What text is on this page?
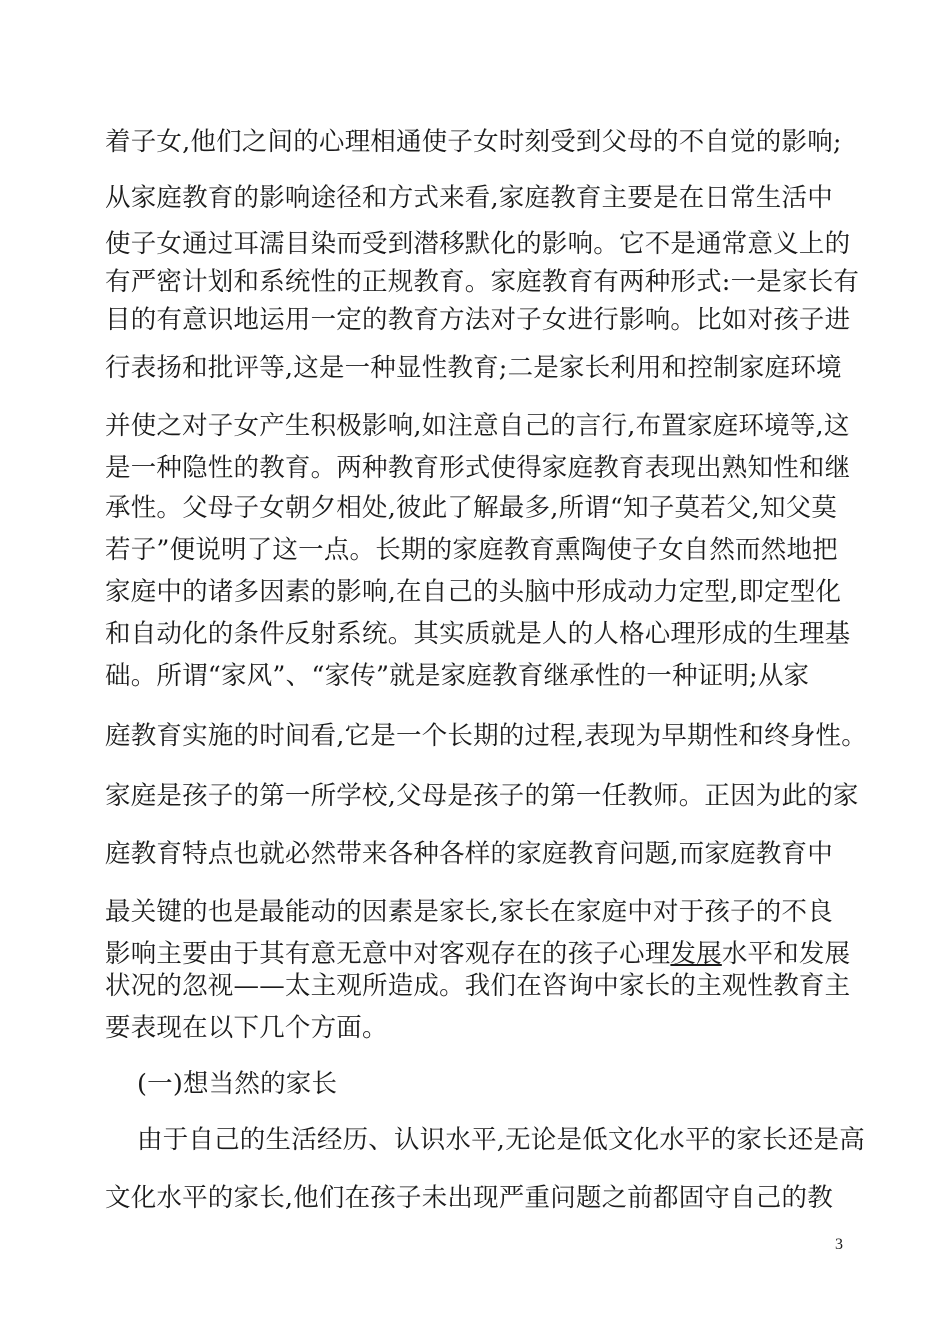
着子女,他们之间的心理相通使子女时刻受到父母的不自觉的影响;
从家庭教育的影响途径和方式来看,家庭教育主要是在日常生活中
使子女通过耳濡目染而受到潜移默化的影响。它不是通常意义上的
有严密计划和系统性的正规教育。家庭教育有两种形式:一是家长有
目的有意识地运用一定的教育方法对子女进行影响。比如对孩子进
行表扬和批评等,这是一种显性教育;二是家长利用和控制家庭环境
并使之对子女产生积极影响,如注意自己的言行,布置家庭环境等,这
是一种隐性的教育。两种教育形式使得家庭教育表现出熟知性和继
承性。父母子女朝夕相处,彼此了解最多,所谓“知子莫若父,知父莫
若子”便说明了这一点。长期的家庭教育熏陶使子女自然而然地把
家庭中的诸多因素的影响,在自己的头脑中形成动力定型,即定型化
和自动化的条件反射系统。其实质就是人的人格心理形成的生理基
础。所谓“家风”、“家传”就是家庭教育继承性的一种证明;从家
庭教育实施的时间看,它是一个长期的过程,表现为早期性和终身性。
家庭是孩子的第一所学校,父母是孩子的第一任教师。正因为此的家
庭教育特点也就必然带来各种各样的家庭教育问题,而家庭教育中
最关键的也是最能动的因素是家长,家长在家庭中对于孩子的不良
影响主要由于其有意无意中对客观存在的孩子心理发展水平和发展
状况的忽视——太主观所造成。我们在咨询中家长的主观性教育主
要表现在以下几个方面。
(一)想当然的家长
由于自己的生活经历、认识水平,无论是低文化水平的家长还是高
文化水平的家长,他们在孩子未出现严重问题之前都固守自己的教
3
